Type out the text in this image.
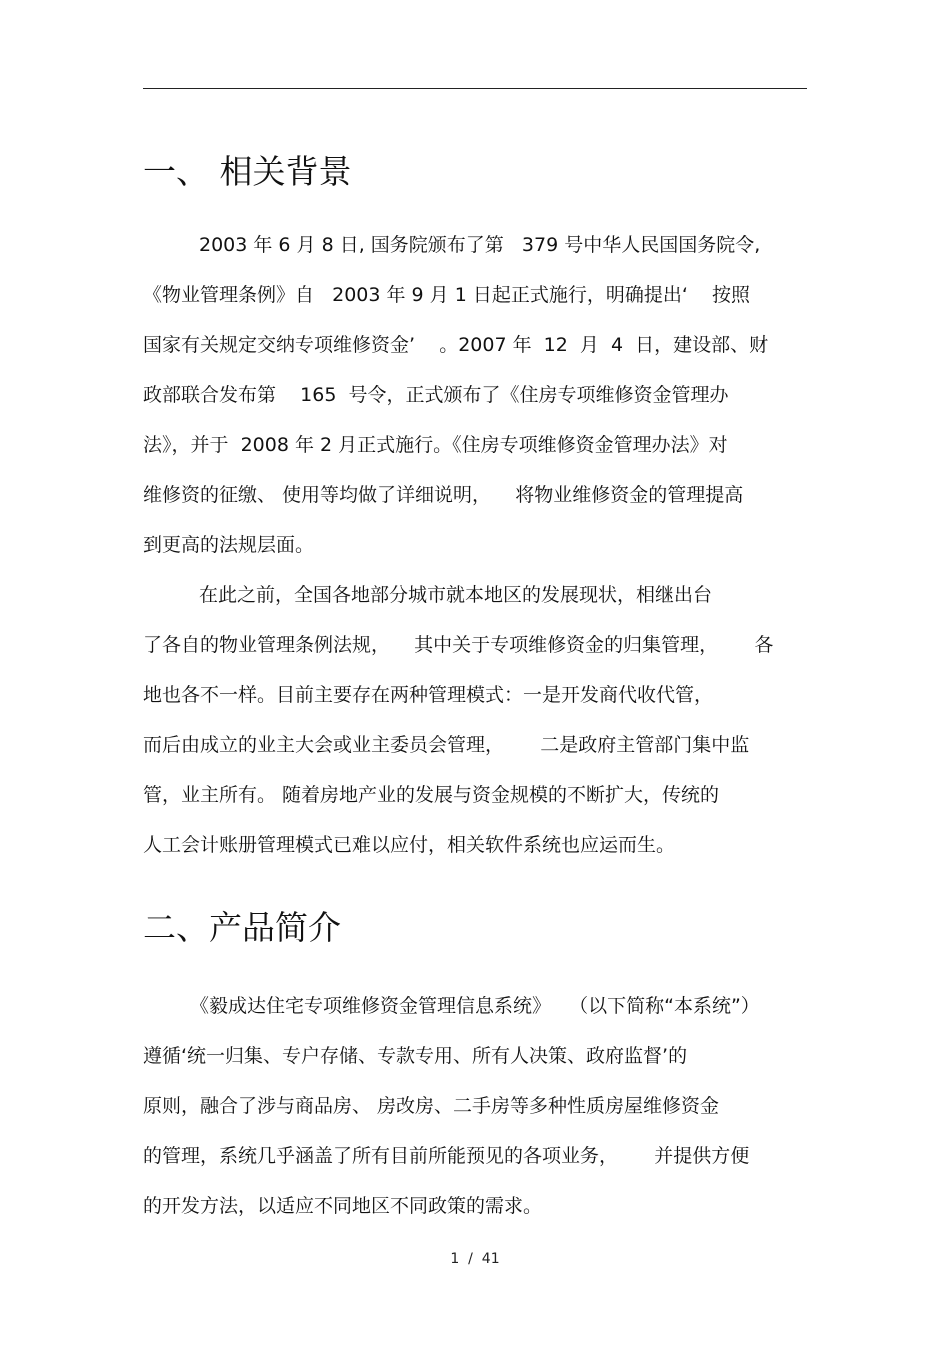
一、 相关背景
2003 年 6 月 8 日, 国务院颁布了第   379 号中华人民国国务院令,
《物业管理条例》自   2003 年 9 月 1 日起正式施行，明确提出‘    按照
国家有关规定交纳专项维修资金’    。2007 年  12  月  4  日，建设部、财
政部联合发布第    165  号令，正式颁布了《住房专项维修资金管理办
法》，并于  2008 年 2 月正式施行。《住房专项维修资金管理办法》对
维修资的征缴、 使用等均做了详细说明，    将物业维修资金的管理提高
到更高的法规层面。
在此之前，全国各地部分城市就本地区的发展现状，相继出台
了各自的物业管理条例法规，    其中关于专项维修资金的归集管理，      各
地也各不一样。目前主要存在两种管理模式：一是开发商代收代管，
而后由成立的业主大会或业主委员会管理，      二是政府主管部门集中监
管，业主所有。 随着房地产业的发展与资金规模的不断扩大，传统的
人工会计账册管理模式已难以应付，相关软件系统也应运而生。
二、产品简介
《毅成达住宅专项维修资金管理信息系统》   （以下简称“本系统”）
遵循‘统一归集、专户存储、专款专用、所有人决策、政府监督’的
原则，融合了涉与商品房、 房改房、二手房等多种性质房屋维修资金
的管理，系统几乎涵盖了所有目前所能预见的各项业务，      并提供方便
的开发方法，以适应不同地区不同政策的需求。
1  /  41
